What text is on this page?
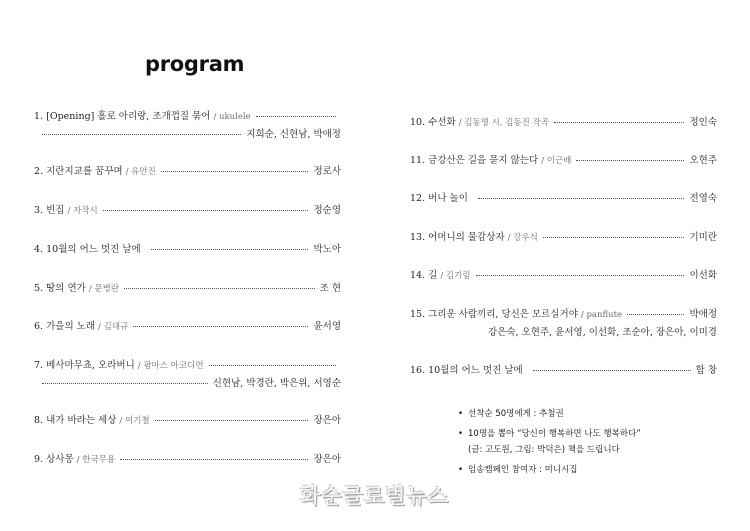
program
1. [Opening] 홀로 아리랑, 조개껍질 묶어
/ ukulele
지희순, 신현남, 박애정
2. 지란지교를 꿈꾸며
/ 유안진	정로사
3. 빈집
/ 자작시	정순영
4. 10월의 어느 멋진 날에	박노아
5. 땅의 연가
/ 문병란	조 현
6. 가을의 노래
/ 김대규	윤서영
7. 베사마무쵸, 오라버니
/ 팜마스 아코디언
신현남, 박경란, 박은위, 서영순
8. 내가 바라는 세상
/ 이기철	장은아
9. 상사몽
/ 한국무용	장은아
10. 수선화
/ 김동명 시, 김동진 작곡	정인숙
11. 금강산은 길을 묻지 않는다
/ 이근배	오현주
12. 버나 놀이	전영숙
13. 어머니의 물감상자
/ 강우식	기미란
14. 길
/ 김기림	이선화
15. 그리운 사람끼리, 당신은 모르실거야
/ panflute	박애정
강은숙, 오현주, 윤서영, 이선화, 조순아, 장은아, 이미경
16. 10월의 어느 멋진 날에	합 창
• 선착순 50명에게 : 추첨권
• 10명을 뽑아 “당신이 행복하면 나도 행복하다”
(글: 고도원, 그림: 박덕은) 책을 드립니다
• 임송캠페인 참여자 : 미니시집
화순글로벌뉴스
